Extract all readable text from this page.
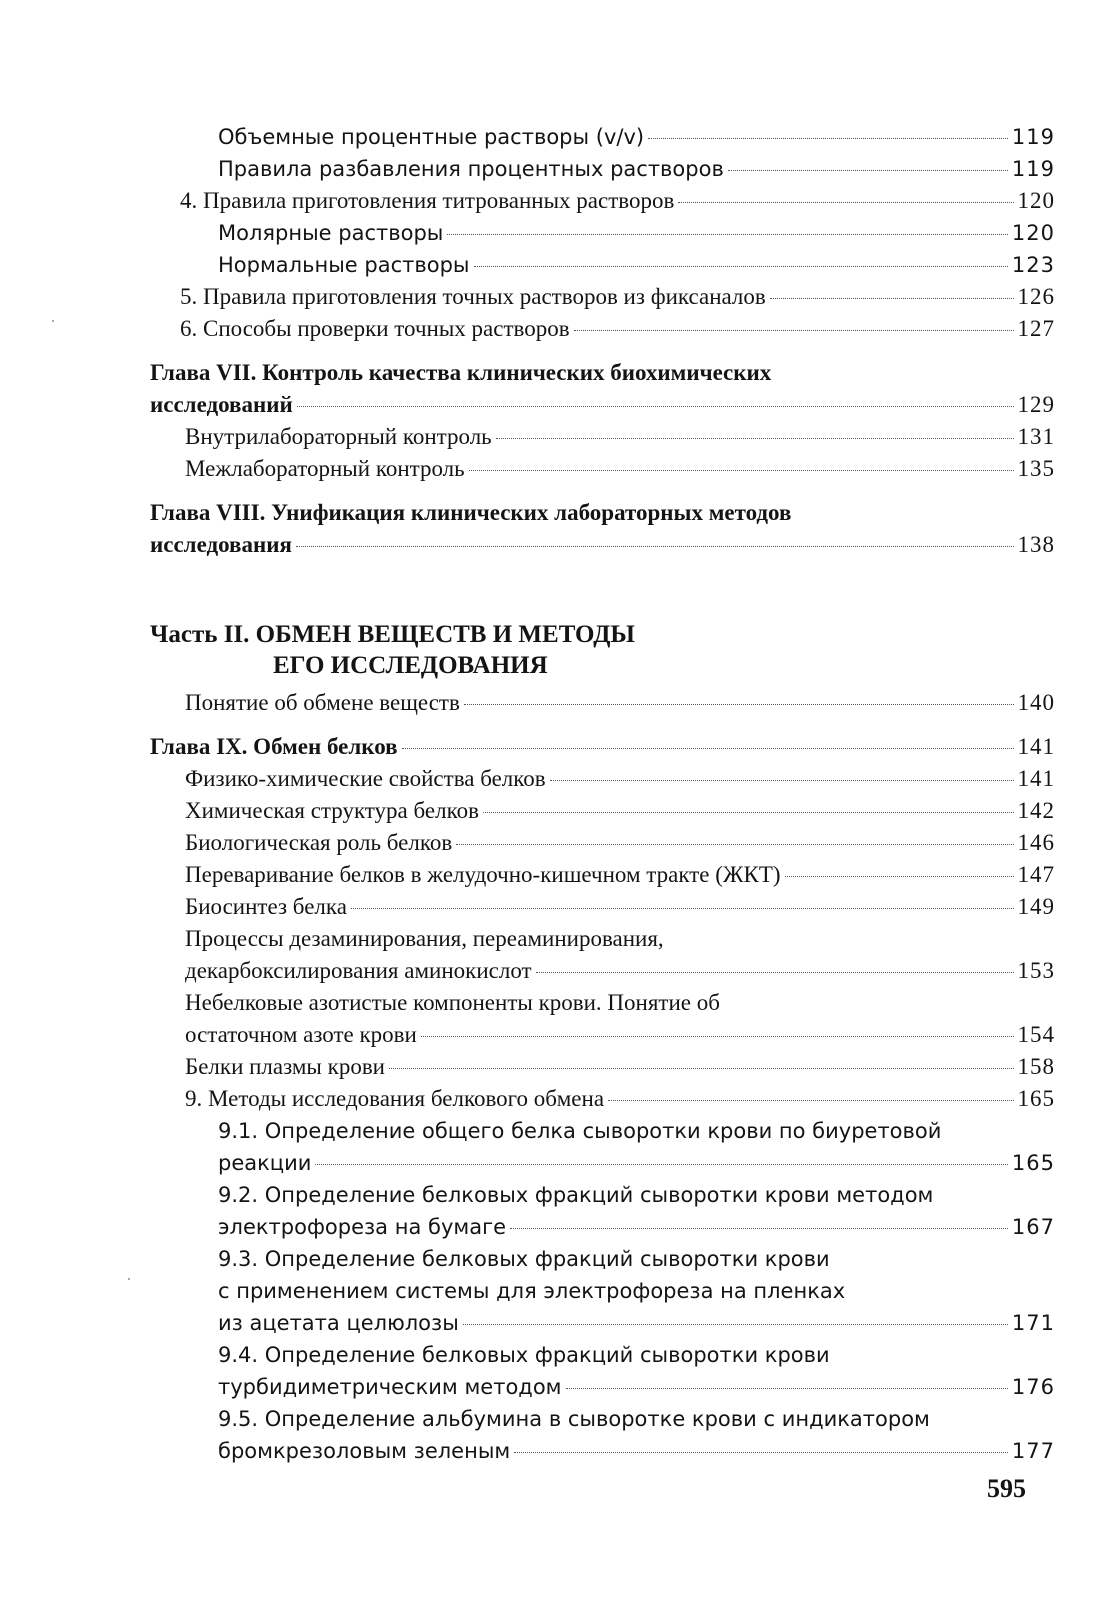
Объемные процентные растворы (v/v)	119
Правила разбавления процентных растворов	119
4. Правила приготовления титрованных растворов	120
Молярные растворы	120
Нормальные растворы	123
5. Правила приготовления точных растворов из фиксаналов	126
6. Способы проверки точных растворов	127
Глава VII. Контроль качества клинических биохимических
исследований	129
Внутрилабораторный контроль	131
Межлабораторный контроль	135
Глава VIII. Унификация клинических лабораторных методов
исследования	138
Часть II. ОБМЕН ВЕЩЕСТВ И МЕТОДЫ
ЕГО ИССЛЕДОВАНИЯ
Понятие об обмене веществ	140
Глава IX. Обмен белков	141
Физико-химические свойства белков	141
Химическая структура белков	142
Биологическая роль белков	146
Переваривание белков в желудочно-кишечном тракте (ЖКТ)	147
Биосинтез белка	149
Процессы дезаминирования, переаминирования,
декарбоксилирования аминокислот	153
Небелковые азотистые компоненты крови. Понятие об
остаточном азоте крови	154
Белки плазмы крови	158
9. Методы исследования белкового обмена	165
9.1. Определение общего белка сыворотки крови по биуретовой
реакции	165
9.2. Определение белковых фракций сыворотки крови методом
электрофореза на бумаге	167
9.3. Определение белковых фракций сыворотки крови
с применением системы для электрофореза на пленках
из ацетата целюлозы	171
9.4. Определение белковых фракций сыворотки крови
турбидиметрическим методом	176
9.5. Определение альбумина в сыворотке крови с индикатором
бромкрезоловым зеленым	177
595
